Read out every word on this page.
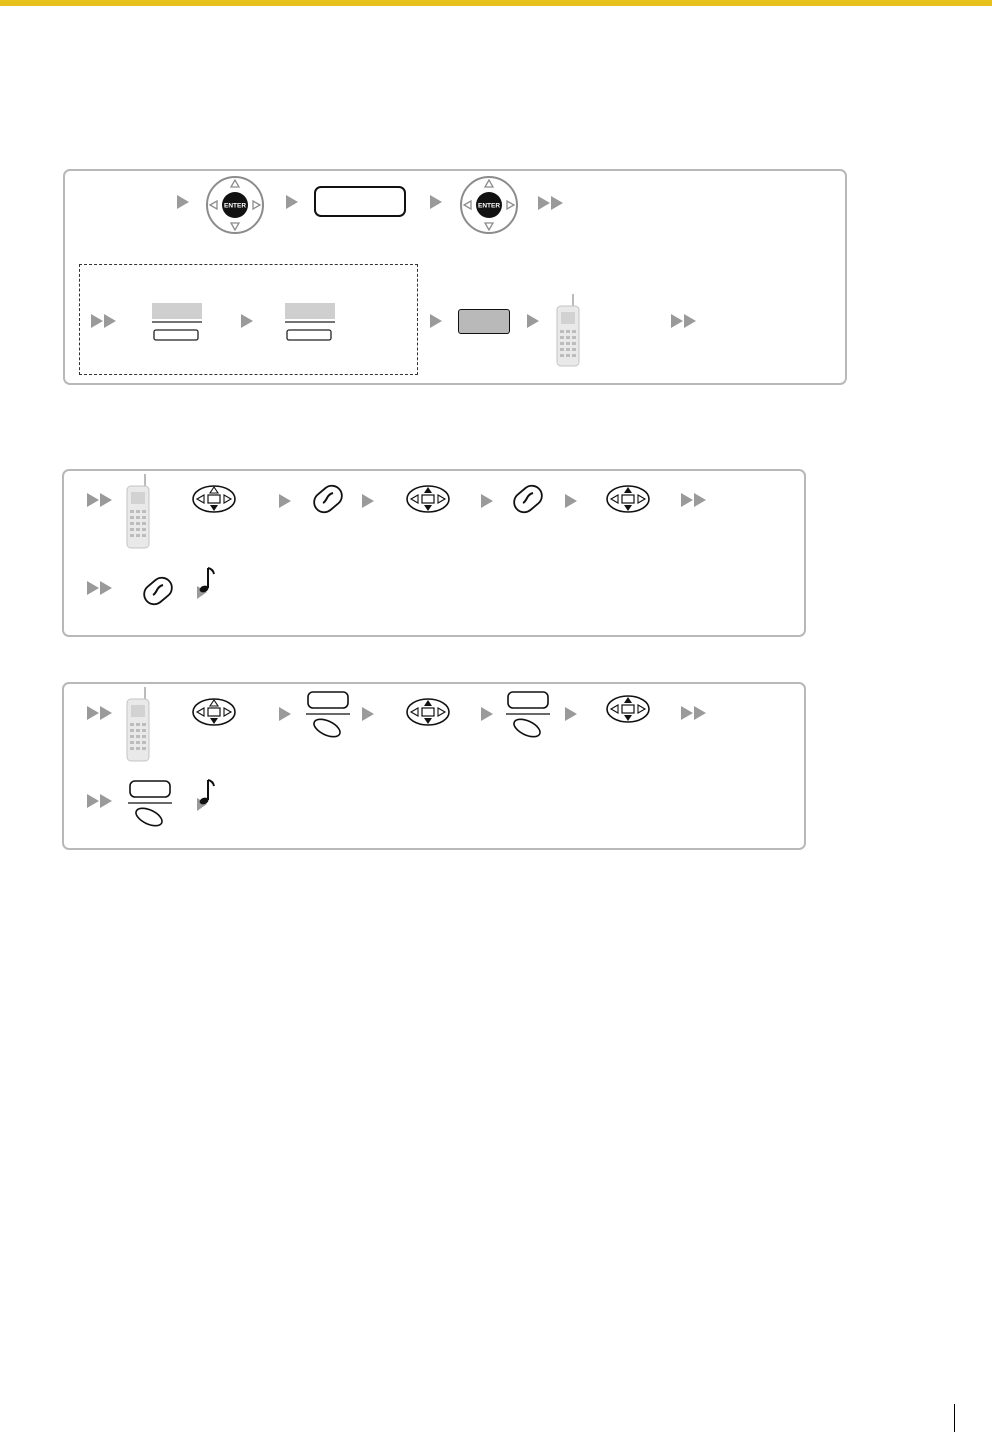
ENTER	ENTER
